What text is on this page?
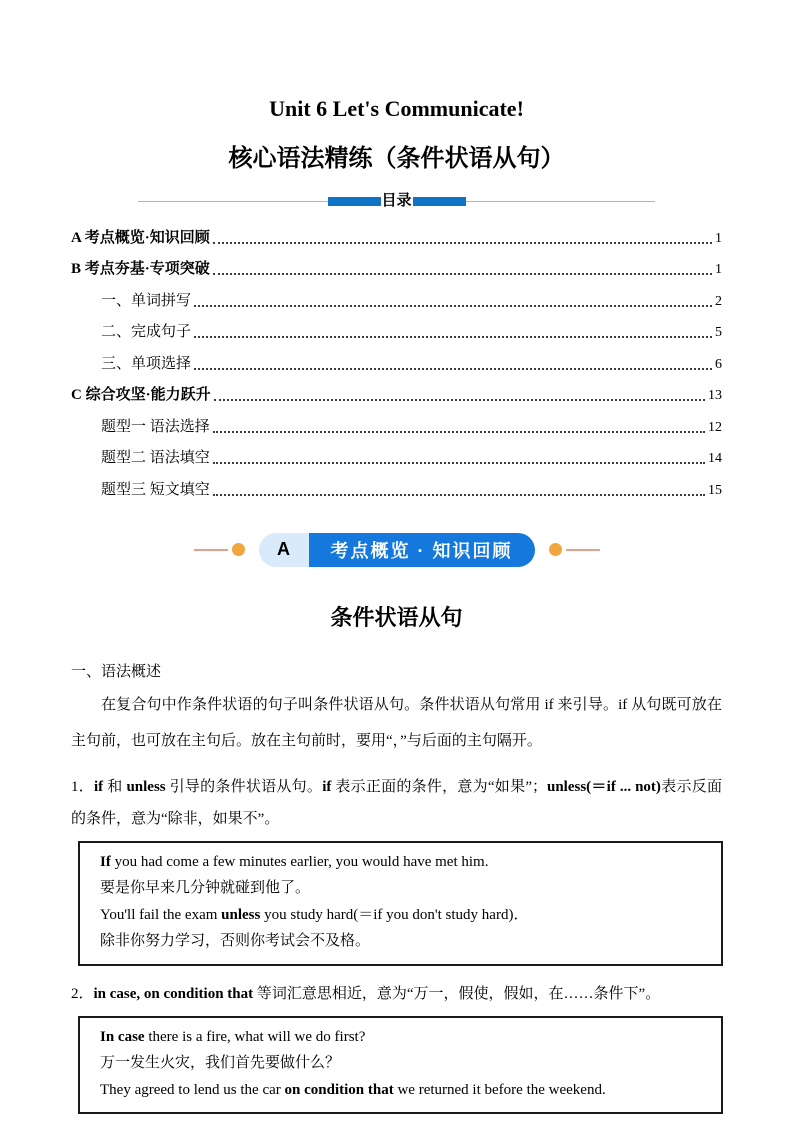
Unit 6 Let's Communicate!
核心语法精练（条件状语从句）
目录
A 考点概览·知识回顾	1
B 考点夯基·专项突破	1
一、单词拼写	2
二、完成句子	5
三、单项选择	6
C 综合攻坚·能力跃升	13
题型一 语法选择	12
题型二 语法填空	14
题型三 短文填空	15
A	考点概览 · 知识回顾
条件状语从句
一、语法概述

在复合句中作条件状语的句子叫条件状语从句。条件状语从句常用 if 来引导。if 从句既可放在主句前，也可放在主句后。放在主句前时，要用“，”与后面的主句隔开。

1．if 和 unless 引导的条件状语从句。if 表示正面的条件，意为“如果”；unless(＝if ... not)表示反面的条件，意为“除非，如果不”。

If you had come a few minutes earlier, you would have met him.
要是你早来几分钟就碰到他了。
You'll fail the exam unless you study hard(＝if you don't study hard)．
除非你努力学习，否则你考试会不及格。

2．in case, on condition that 等词汇意思相近，意为“万一，假使，假如，在……条件下”。

In case there is a fire, what will we do first?
万一发生火灾，我们首先要做什么？
They agreed to lend us the car on condition that we returned it before the weekend.
